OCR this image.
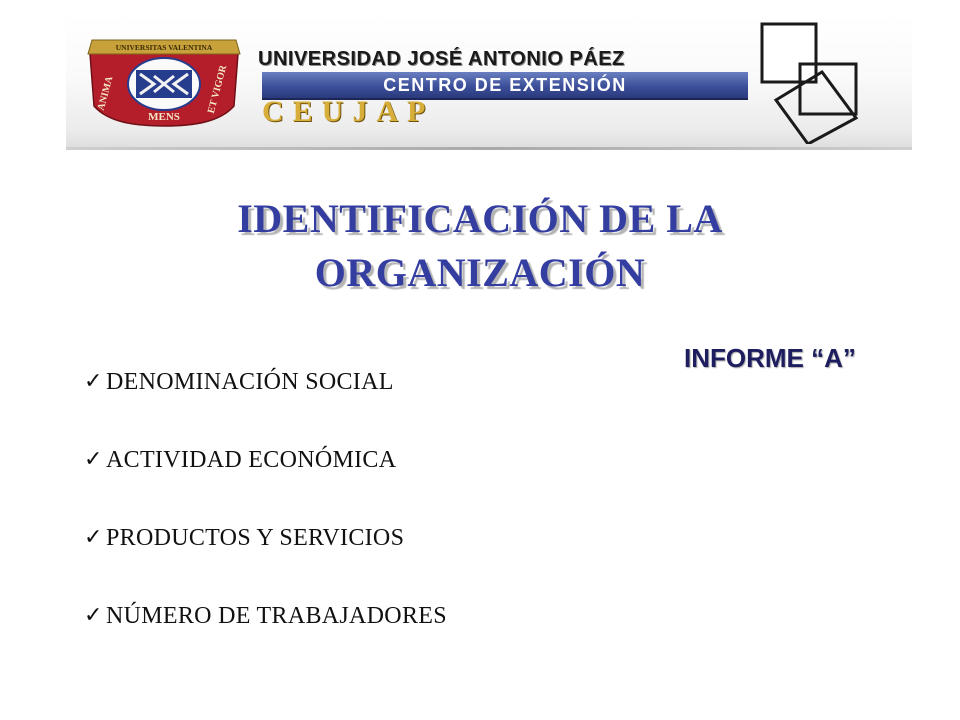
UNIVERSITAS VALENTINA
ANIMA	ET VIGOR
MENS
UNIVERSIDAD JOSÉ ANTONIO PÁEZ
CENTRO DE EXTENSIÓN
CEUJAP
IDENTIFICACIÓN DE LA
ORGANIZACIÓN
INFORME “A”
✓ DENOMINACIÓN SOCIAL
✓ ACTIVIDAD ECONÓMICA
✓ PRODUCTOS Y SERVICIOS
✓ NÚMERO DE TRABAJADORES
